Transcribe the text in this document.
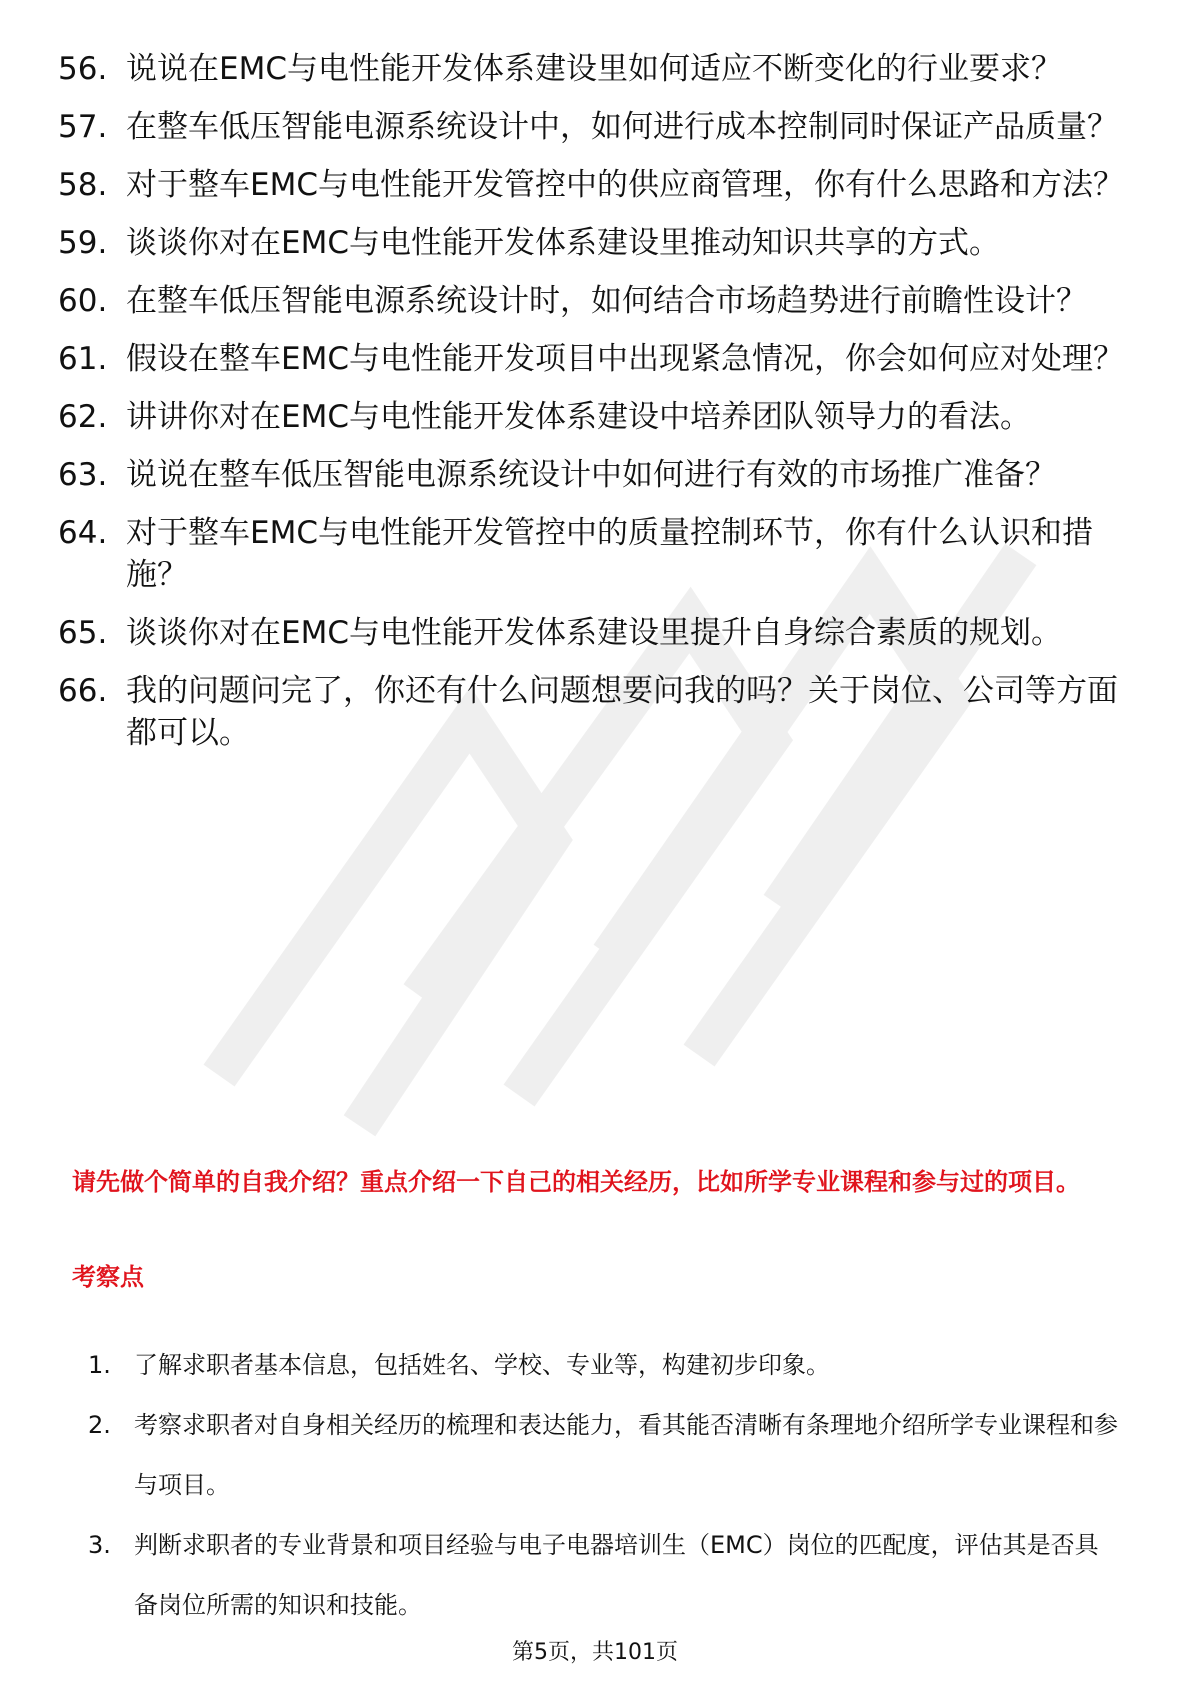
56. 说说在EMC与电性能开发体系建设里如何适应不断变化的行业要求？
57. 在整车低压智能电源系统设计中，如何进行成本控制同时保证产品质量？
58. 对于整车EMC与电性能开发管控中的供应商管理，你有什么思路和方法？
59. 谈谈你对在EMC与电性能开发体系建设里推动知识共享的方式。
60. 在整车低压智能电源系统设计时，如何结合市场趋势进行前瞻性设计？
61. 假设在整车EMC与电性能开发项目中出现紧急情况，你会如何应对处理？
62. 讲讲你对在EMC与电性能开发体系建设中培养团队领导力的看法。
63. 说说在整车低压智能电源系统设计中如何进行有效的市场推广准备？
64. 对于整车EMC与电性能开发管控中的质量控制环节，你有什么认识和措施？
65. 谈谈你对在EMC与电性能开发体系建设里提升自身综合素质的规划。
66. 我的问题问完了，你还有什么问题想要问我的吗？关于岗位、公司等方面都可以。
请先做个简单的自我介绍？重点介绍一下自己的相关经历，比如所学专业课程和参与过的项目。
考察点
1. 了解求职者基本信息，包括姓名、学校、专业等，构建初步印象。
2. 考察求职者对自身相关经历的梳理和表达能力，看其能否清晰有条理地介绍所学专业课程和参与项目。
3. 判断求职者的专业背景和项目经验与电子电器培训生（EMC）岗位的匹配度，评估其是否具备岗位所需的知识和技能。
第5页，共101页
